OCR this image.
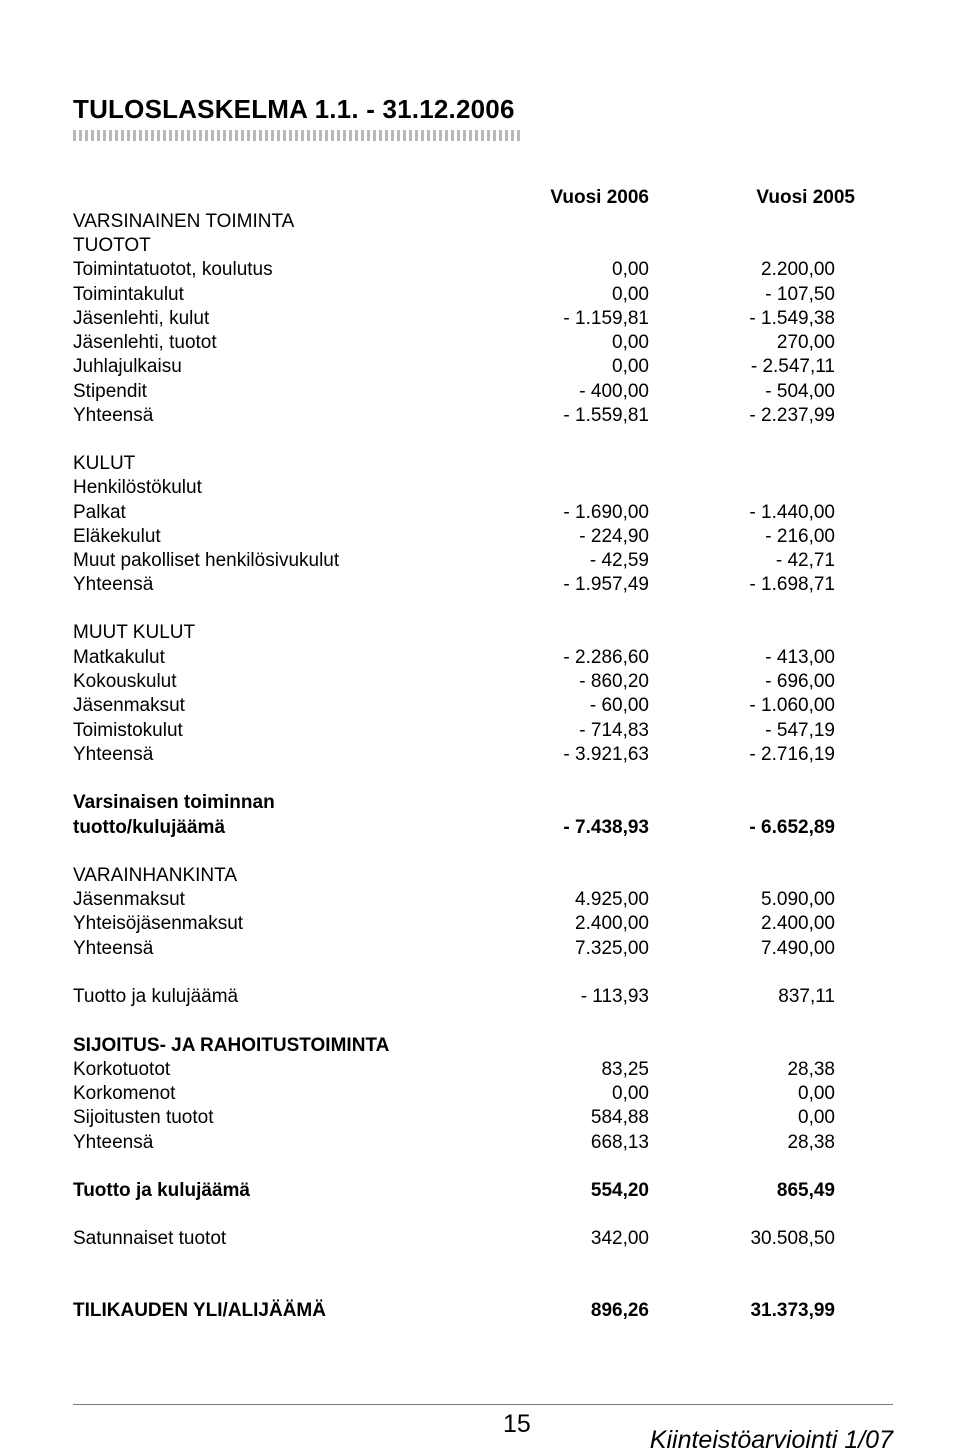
TULOSLASKELMA 1.1. - 31.12.2006
Vuosi 2006	Vuosi 2005
VARSINAINEN TOIMINTA
TUOTOT
Toimintatuotot, koulutus	0,00	2.200,00
Toimintakulut	0,00	- 107,50
Jäsenlehti, kulut	- 1.159,81	- 1.549,38
Jäsenlehti, tuotot	0,00	270,00
Juhlajulkaisu	0,00	- 2.547,11
Stipendit	- 400,00	- 504,00
Yhteensä	- 1.559,81	- 2.237,99
KULUT
Henkilöstökulut
Palkat	- 1.690,00	- 1.440,00
Eläkekulut	- 224,90	- 216,00
Muut pakolliset henkilösivukulut	- 42,59	- 42,71
Yhteensä	- 1.957,49	- 1.698,71
MUUT KULUT
Matkakulut	- 2.286,60	- 413,00
Kokouskulut	- 860,20	- 696,00
Jäsenmaksut	- 60,00	- 1.060,00
Toimistokulut	- 714,83	- 547,19
Yhteensä	- 3.921,63	- 2.716,19
Varsinaisen toiminnan
tuotto/kulujäämä	- 7.438,93	- 6.652,89
VARAINHANKINTA
Jäsenmaksut	4.925,00	5.090,00
Yhteisöjäsenmaksut	2.400,00	2.400,00
Yhteensä	7.325,00	7.490,00
Tuotto ja kulujäämä	- 113,93	837,11
SIJOITUS- JA RAHOITUSTOIMINTA
Korkotuotot	83,25	28,38
Korkomenot	0,00	0,00
Sijoitusten tuotot	584,88	0,00
Yhteensä	668,13	28,38
Tuotto ja kulujäämä	554,20	865,49
Satunnaiset tuotot	342,00	30.508,50
TILIKAUDEN YLI/ALIJÄÄMÄ	896,26	31.373,99
15
Kiinteistöarviointi 1/07
